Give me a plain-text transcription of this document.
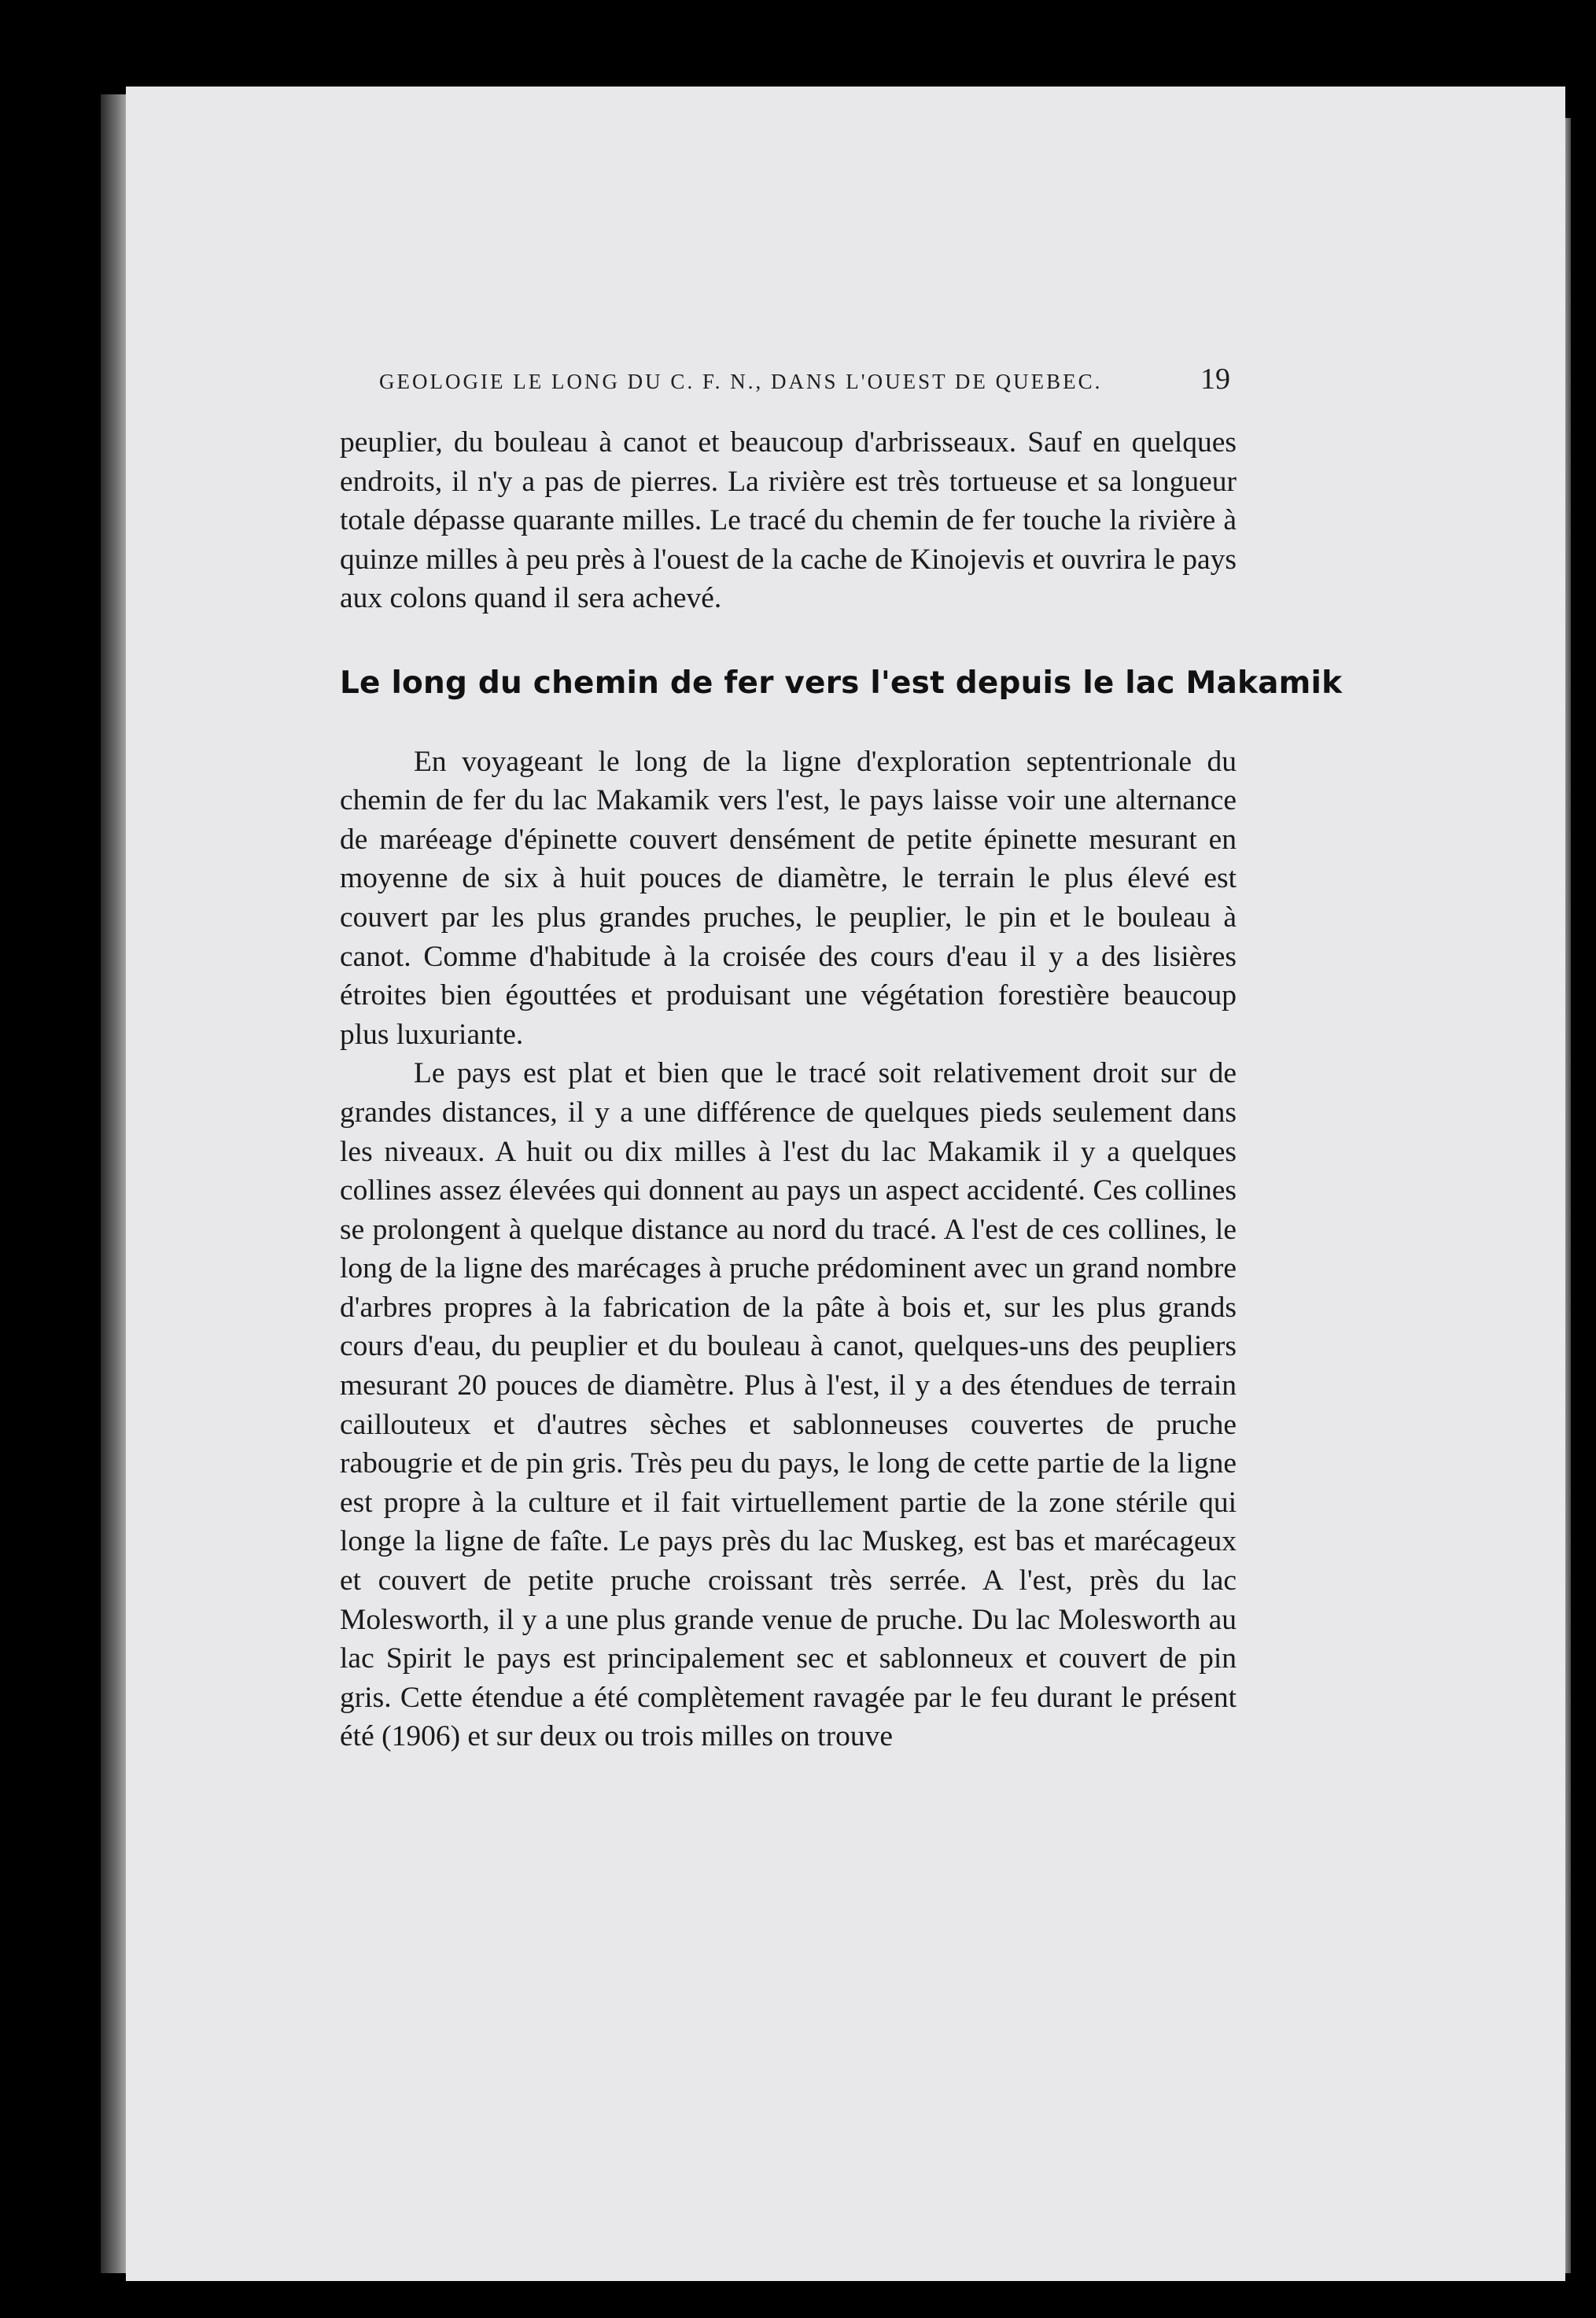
GEOLOGIE LE LONG DU C. F. N., DANS L'OUEST DE QUEBEC.	19

peuplier, du bouleau à canot et beaucoup d'arbrisseaux. Sauf en quelques endroits, il n'y a pas de pierres. La rivière est très tortueuse et sa longueur totale dépasse quarante milles. Le tracé du chemin de fer touche la rivière à quinze milles à peu près à l'ouest de la cache de Kinojevis et ouvrira le pays aux colons quand il sera achevé.

Le long du chemin de fer vers l'est depuis le lac Makamik

En voyageant le long de la ligne d'exploration septentrionale du chemin de fer du lac Makamik vers l'est, le pays laisse voir une alternance de maréeage d'épinette couvert densément de petite épinette mesurant en moyenne de six à huit pouces de diamètre, le terrain le plus élevé est couvert par les plus grandes pruches, le peuplier, le pin et le bouleau à canot. Comme d'habitude à la croisée des cours d'eau il y a des lisières étroites bien égouttées et produisant une végétation forestière beaucoup plus luxuriante.

Le pays est plat et bien que le tracé soit relativement droit sur de grandes distances, il y a une différence de quelques pieds seulement dans les niveaux. A huit ou dix milles à l'est du lac Makamik il y a quelques collines assez élevées qui donnent au pays un aspect accidenté. Ces collines se prolongent à quelque distance au nord du tracé. A l'est de ces collines, le long de la ligne des marécages à pruche prédominent avec un grand nombre d'arbres propres à la fabrication de la pâte à bois et, sur les plus grands cours d'eau, du peuplier et du bouleau à canot, quelques-uns des peupliers mesurant 20 pouces de diamètre. Plus à l'est, il y a des étendues de terrain caillouteux et d'autres sèches et sablonneuses couvertes de pruche rabougrie et de pin gris. Très peu du pays, le long de cette partie de la ligne est propre à la culture et il fait virtuellement partie de la zone stérile qui longe la ligne de faîte. Le pays près du lac Muskeg, est bas et marécageux et couvert de petite pruche croissant très serrée. A l'est, près du lac Molesworth, il y a une plus grande venue de pruche. Du lac Molesworth au lac Spirit le pays est principalement sec et sablonneux et couvert de pin gris. Cette étendue a été complètement ravagée par le feu durant le présent été (1906) et sur deux ou trois milles on trouve
